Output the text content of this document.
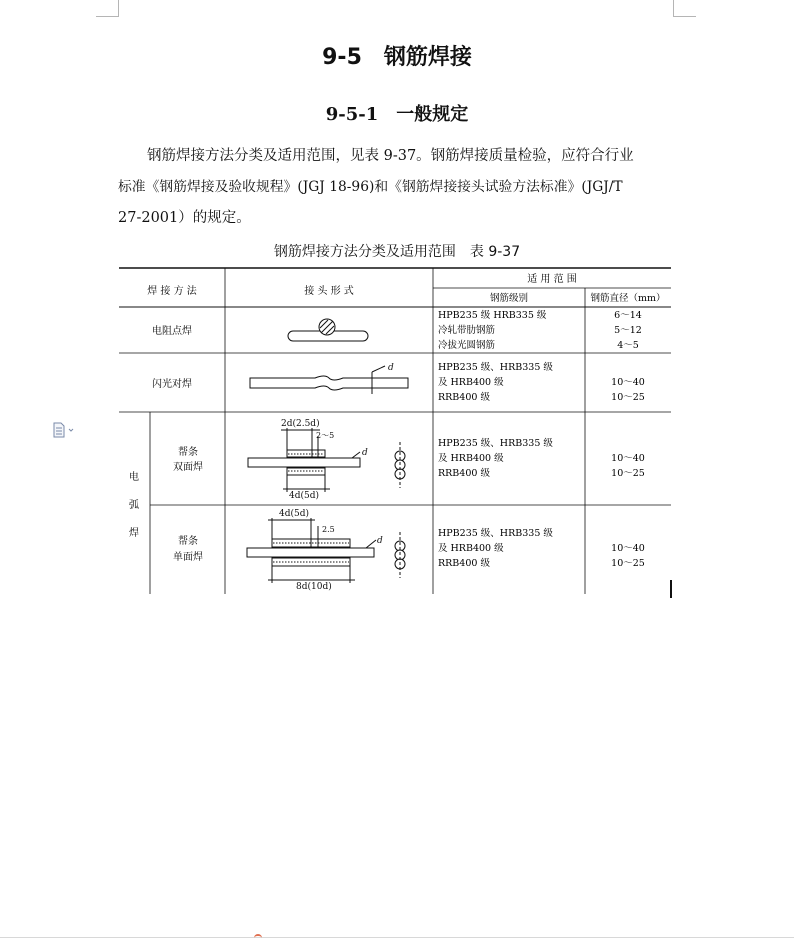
9-5　钢筋焊接
9-5-1　一般规定
钢筋焊接方法分类及适用范围，见表 9-37。钢筋焊接质量检验，应符合行业
标准《钢筋焊接及验收规程》(JGJ 18-96)和《钢筋焊接接头试验方法标准》(JGJ/T
27-2001）的规定。
钢筋焊接方法分类及适用范围　表 9-37
焊 接 方 法	接 头 形 式
适 用 范 围
钢筋级别	钢筋直径（mm）
电阻点焊
HPB235 级 HRB335 级
冷轧带肋钢筋
冷拔光圆钢筋
6～14
5～12
4～5
闪光对焊
HPB235 级、HRB335 级
及 HRB400 级
RRB400 级
10～40
10～25
电
弧
焊
帮条
双面焊
HPB235 级、HRB335 级
及 HRB400 级
RRB400 级
10～40
10～25
帮条
单面焊
HPB235 级、HRB335 级
及 HRB400 级
RRB400 级
10～40
10～25
d
2d(2.5d)
2～5
d
4d(5d)
4d(5d)
2.5
d
8d(10d)
